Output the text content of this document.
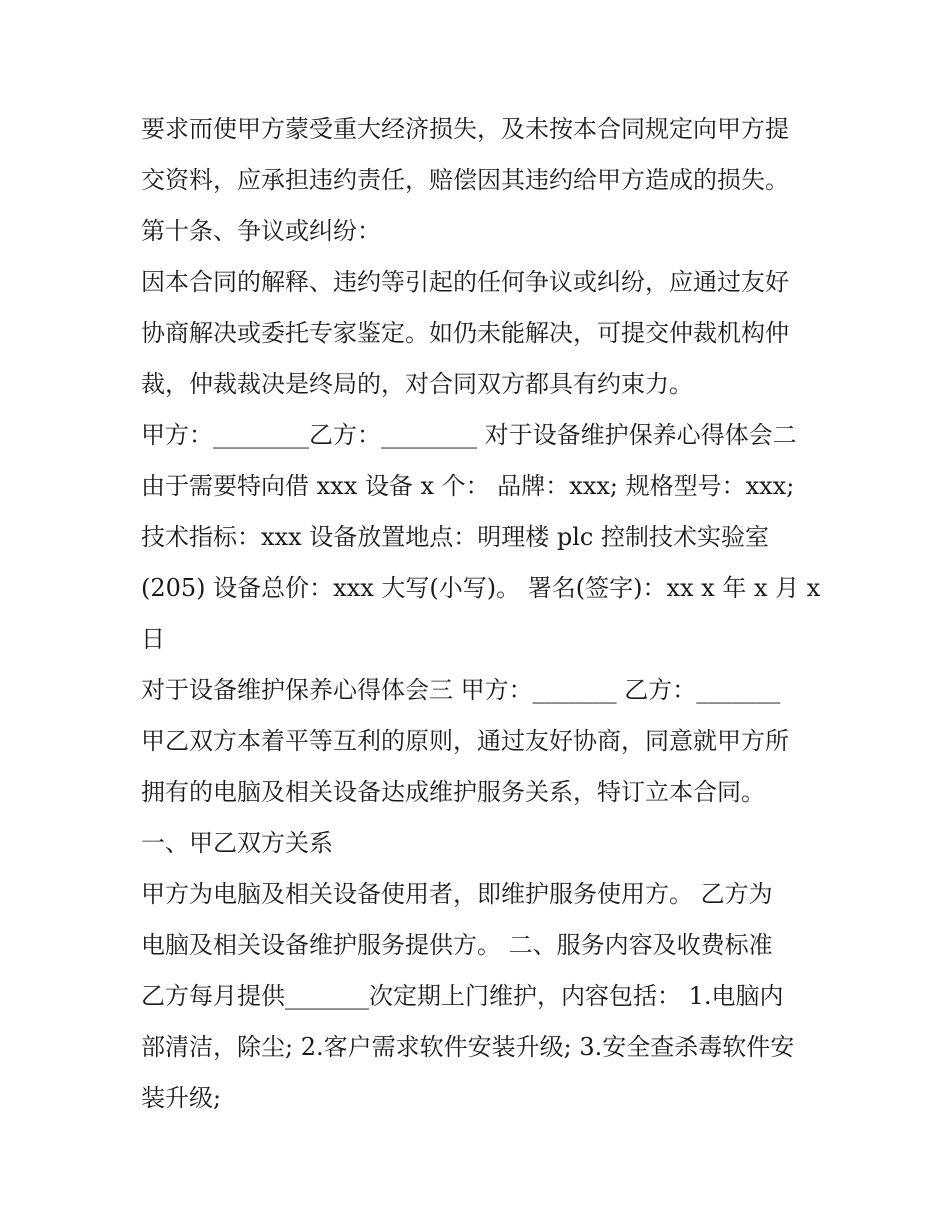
要求而使甲方蒙受重大经济损失，及未按本合同规定向甲方提
交资料，应承担违约责任，赔偿因其违约给甲方造成的损失。
第十条、争议或纠纷：
因本合同的解释、违约等引起的任何争议或纠纷，应通过友好
协商解决或委托专家鉴定。如仍未能解决，可提交仲裁机构仲
裁，仲裁裁决是终局的，对合同双方都具有约束力。
甲方：________乙方：________ 对于设备维护保养心得体会二
由于需要特向借 xxx 设备 x 个： 品牌：xxx; 规格型号：xxx;
技术指标：xxx 设备放置地点：明理楼 plc 控制技术实验室
(205) 设备总价：xxx 大写(小写)。 署名(签字)：xx x 年 x 月 x
日
对于设备维护保养心得体会三 甲方：_______ 乙方：_______
甲乙双方本着平等互利的原则，通过友好协商，同意就甲方所
拥有的电脑及相关设备达成维护服务关系，特订立本合同。
一、甲乙双方关系
甲方为电脑及相关设备使用者，即维护服务使用方。 乙方为
电脑及相关设备维护服务提供方。 二、服务内容及收费标准
乙方每月提供_______次定期上门维护，内容包括： 1.电脑内
部清洁，除尘; 2.客户需求软件安装升级; 3.安全查杀毒软件安
装升级;
